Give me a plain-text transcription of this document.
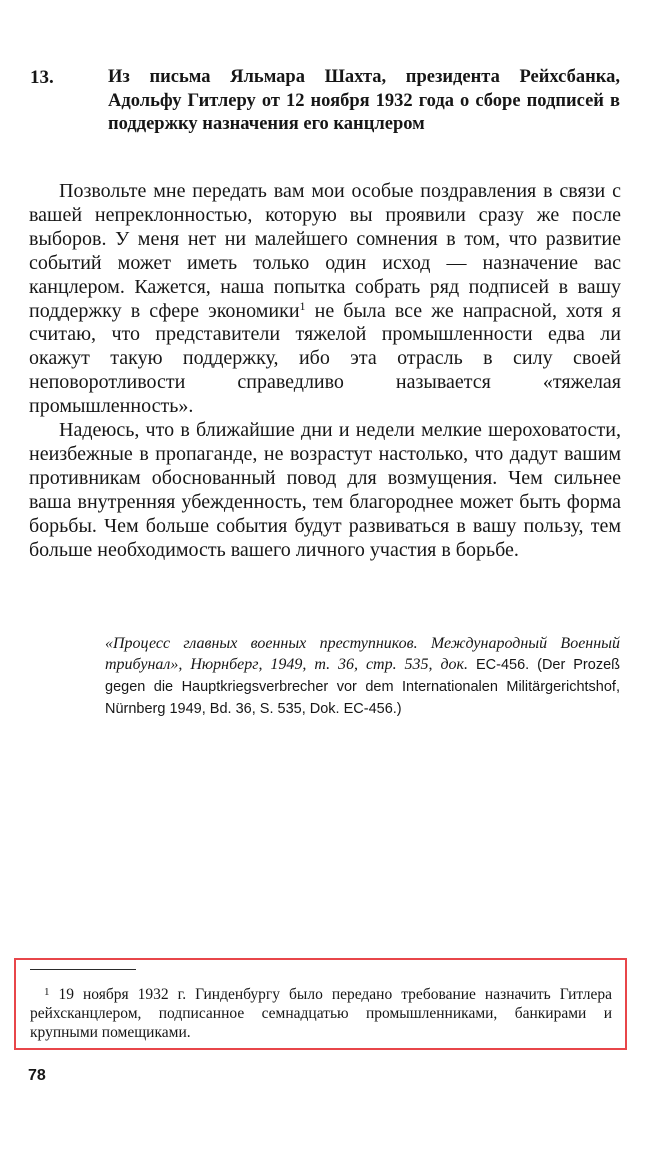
13.	Из письма Яльмара Шахта, президента Рейхсбанка, Адольфу Гитлеру от 12 ноября 1932 года о сборе подписей в поддержку назначения его канцлером

Позвольте мне передать вам мои особые поздравления в связи с вашей непреклонностью, которую вы проявили сразу же после выборов. У меня нет ни малейшего сомнения в том, что развитие событий может иметь только один исход — назначение вас канцлером. Кажется, наша попытка собрать ряд подписей в вашу поддержку в сфере экономики$^1$ не была все же напрасной, хотя я считаю, что представители тяжелой промышленности едва ли окажут такую поддержку, ибо эта отрасль в силу своей неповоротливости справедливо называется «тяжелая промышленность».

Надеюсь, что в ближайшие дни и недели мелкие шероховатости, неизбежные в пропаганде, не возрастут настолько, что дадут вашим противникам обоснованный повод для возмущения. Чем сильнее ваша внутренняя убежденность, тем благороднее может быть форма борьбы. Чем больше события будут развиваться в вашу пользу, тем больше необходимость вашего личного участия в борьбе.

«Процесс главных военных преступников. Международный Военный трибунал», Нюрнберг, 1949, т. 36, стр. 535, док. EC-456. (Der Prozeß gegen die Hauptkriegsverbrecher vor dem Internationalen Militärgerichtshof, Nürnberg 1949, Bd. 36, S. 535, Dok. EC-456.)

$^1$ 19 ноября 1932 г. Гинденбургу было передано требование назначить Гитлера рейхсканцлером, подписанное семнадцатью промышленниками, банкирами и крупными помещиками.

78
